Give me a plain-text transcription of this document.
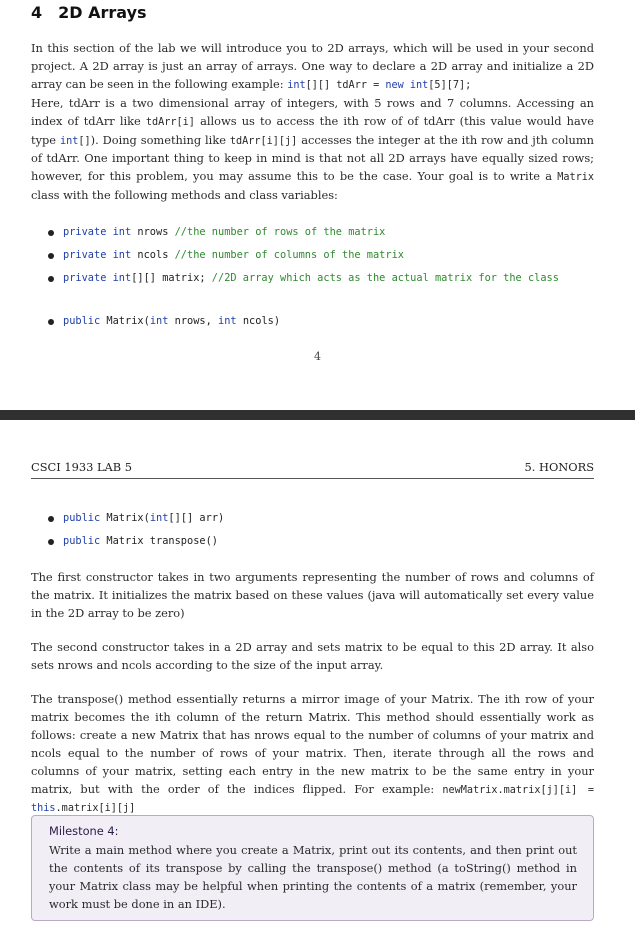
4 2D Arrays
In this section of the lab we will introduce you to 2D arrays, which will be used in your second project. A 2D array is just an array of arrays. One way to declare a 2D array and initialize a 2D array can be seen in the following example: int[][] tdArr = new int[5][7];
Here, tdArr is a two dimensional array of integers, with 5 rows and 7 columns. Accessing an index of tdArr like tdArr[i] allows us to access the ith row of of tdArr (this value would have type int[]). Doing something like tdArr[i][j] accesses the integer at the ith row and jth column of tdArr. One important thing to keep in mind is that not all 2D arrays have equally sized rows; however, for this problem, you may assume this to be the case. Your goal is to write a Matrix class with the following methods and class variables:
private int nrows //the number of rows of the matrix
private int ncols //the number of columns of the matrix
private int[][] matrix; //2D array which acts as the actual matrix for the class
public Matrix(int nrows, int ncols)
4
CSCI 1933 LAB 5	5. HONORS
public Matrix(int[][] arr)
public Matrix transpose()
The first constructor takes in two arguments representing the number of rows and columns of the matrix. It initializes the matrix based on these values (java will automatically set every value in the 2D array to be zero)
The second constructor takes in a 2D array and sets matrix to be equal to this 2D array. It also sets nrows and ncols according to the size of the input array.
The transpose() method essentially returns a mirror image of your Matrix. The ith row of your matrix becomes the ith column of the return Matrix. This method should essentially work as follows: create a new Matrix that has nrows equal to the number of columns of your matrix and ncols equal to the number of rows of your matrix. Then, iterate through all the rows and columns of your matrix, setting each entry in the new matrix to be the same entry in your matrix, but with the order of the indices flipped. For example: newMatrix.matrix[j][i] = this.matrix[i][j]
Milestone 4:
Write a main method where you create a Matrix, print out its contents, and then print out the contents of its transpose by calling the transpose() method (a toString() method in your Matrix class may be helpful when printing the contents of a matrix (remember, your work must be done in an IDE).
